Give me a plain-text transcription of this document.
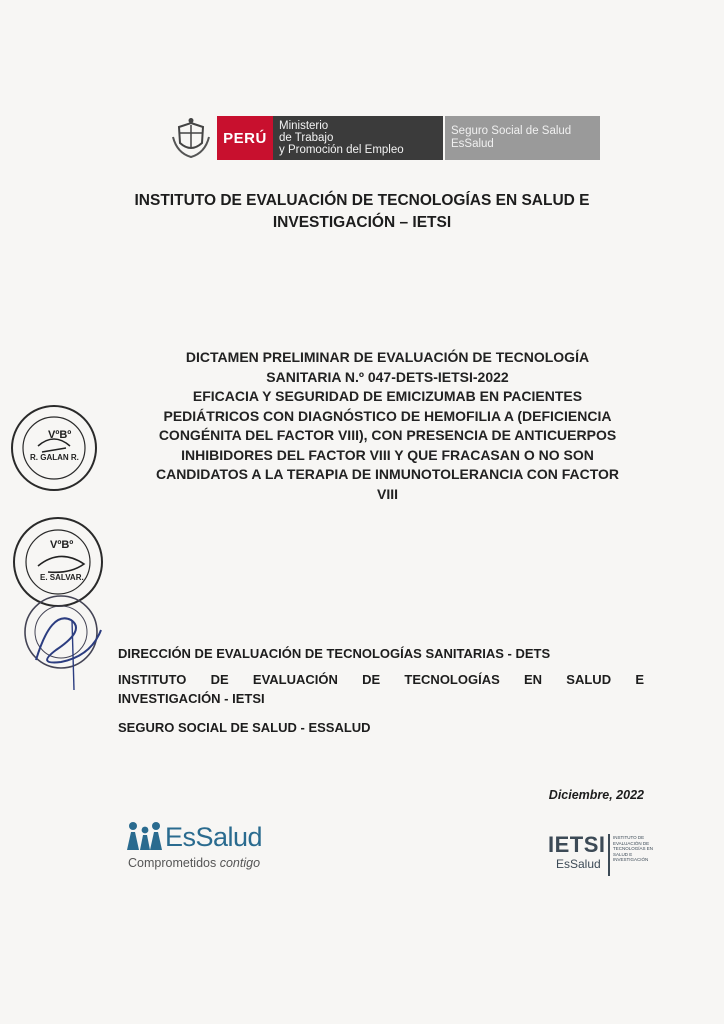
PERÚ
Ministerio
de Trabajo
y Promoción del Empleo
Seguro Social de Salud
EsSalud
INSTITUTO DE EVALUACIÓN DE TECNOLOGÍAS EN SALUD E
INVESTIGACIÓN – IETSI
DICTAMEN PRELIMINAR DE EVALUACIÓN DE TECNOLOGÍA
SANITARIA N.º 047-DETS-IETSI-2022
EFICACIA Y SEGURIDAD DE EMICIZUMAB EN PACIENTES
PEDIÁTRICOS CON DIAGNÓSTICO DE HEMOFILIA A (DEFICIENCIA
CONGÉNITA DEL FACTOR VIII), CON PRESENCIA DE ANTICUERPOS
INHIBIDORES DEL FACTOR VIII Y QUE FRACASAN O NO SON
CANDIDATOS A LA TERAPIA DE INMUNOTOLERANCIA CON FACTOR
VIII
VºBº
R. GALAN R.
VºBº
E. SALVAR.
DIRECCIÓN DE EVALUACIÓN DE TECNOLOGÍAS SANITARIAS - DETS
INSTITUTO DE EVALUACIÓN DE TECNOLOGÍAS EN SALUD E
INVESTIGACIÓN - IETSI
SEGURO SOCIAL DE SALUD - ESSALUD
Diciembre, 2022
EsSalud
Comprometidos contigo
IETSI
EsSalud
INSTITUTO DE
EVALUACIÓN DE
TECNOLOGÍAS EN
SALUD E
INVESTIGACIÓN
